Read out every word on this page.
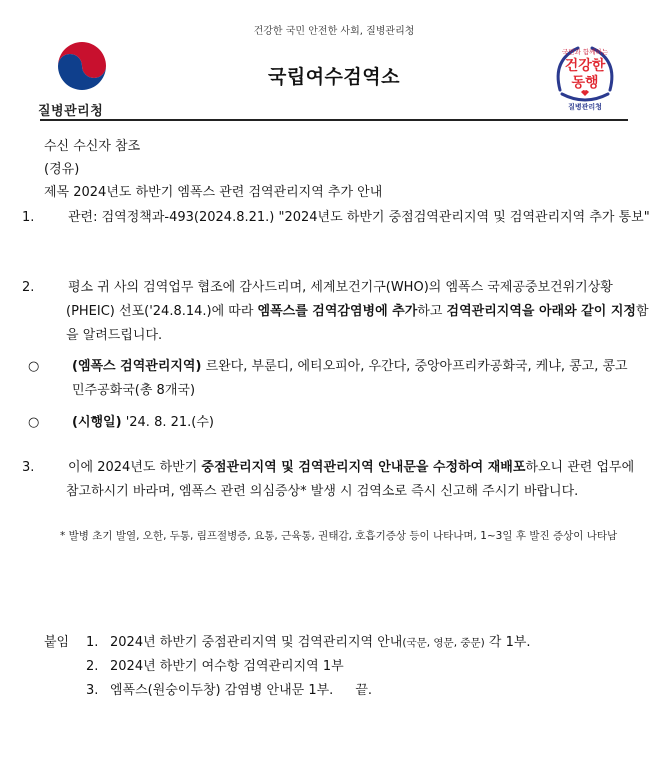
건강한 국민 안전한 사회, 질병관리청
질병관리청
국립여수검역소
국민과 함께하는
건강한
동행
질병관리청
수신 수신자 참조
(경유)
제목 2024년도 하반기 엠폭스 관련 검역관리지역 추가 안내
1.	관련: 검역정책과-493(2024.8.21.) "2024년도 하반기 중점검역관리지역 및 검역관리지역 추가 통보"
2.	평소 귀 사의 검역업무 협조에 감사드리며, 세계보건기구(WHO)의 엠폭스 국제공중보건위기상황(PHEIC) 선포('24.8.14.)에 따라 엠폭스를 검역감염병에 추가하고 검역관리지역을 아래와 같이 지정함을 알려드립니다.
○	(엠폭스 검역관리지역) 르완다, 부룬디, 에티오피아, 우간다, 중앙아프리카공화국, 케냐, 콩고, 콩고민주공화국(총 8개국)
○	(시행일) '24. 8. 21.(수)
3.	이에 2024년도 하반기 중점관리지역 및 검역관리지역 안내문을 수정하여 재배포하오니 관련 업무에 참고하시기 바라며, 엠폭스 관련 의심증상* 발생 시 검역소로 즉시 신고해 주시기 바랍니다.
* 발병 초기 발열, 오한, 두통, 림프절병증, 요통, 근육통, 권태감, 호흡기증상 등이 나타나며, 1~3일 후 발진 증상이 나타남
붙임 1. 2024년 하반기 중점관리지역 및 검역관리지역 안내(국문, 영문, 중문) 각 1부.
2. 2024년 하반기 여수항 검역관리지역 1부
3. 엠폭스(원숭이두창) 감염병 안내문 1부. 끝.
